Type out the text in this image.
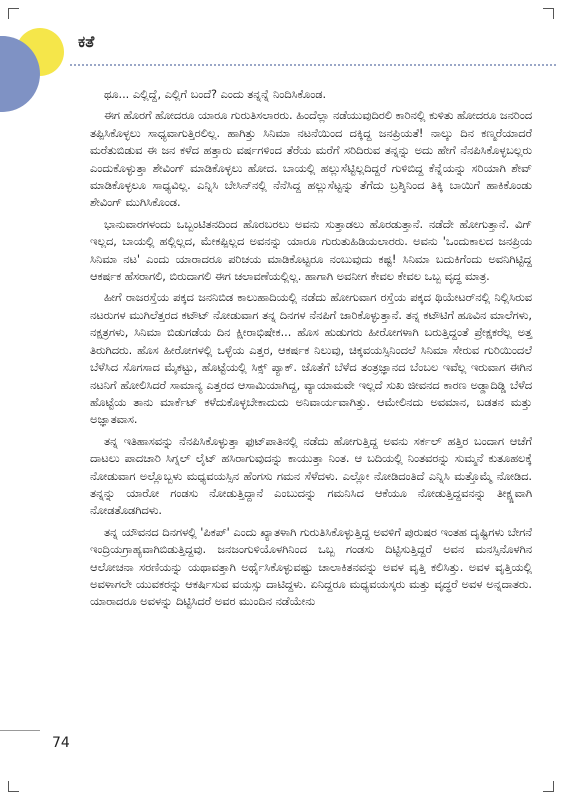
ಕತೆ

ಥೂ... ಎಲ್ಲಿದ್ದೆ, ಎಲ್ಲಿಗೆ ಬಂದೆ? ಎಂದು ತನ್ನನ್ನೆ ನಿಂದಿಸಿಕೊಂಡ.

ಈಗ ಹೊರಗೆ ಹೋದರೂ ಯಾರೂ ಗುರುತಿಸಲಾರರು. ಹಿಂದೆಲ್ಲಾ ನಡೆಯುವುದಿರಲಿ ಕಾರಿನಲ್ಲಿ ಕುಳಿತು ಹೋದರೂ ಜನರಿಂದ ತಪ್ಪಿಸಿಕೊಳ್ಳಲು ಸಾಧ್ಯವಾಗುತ್ತಿರಲಿಲ್ಲ. ಹಾಗಿತ್ತು ಸಿನಿಮಾ ನಟನೆಯಿಂದ ದಕ್ಕಿದ್ದ ಜನಪ್ರಿಯತೆ! ನಾಲ್ಕು ದಿನ ಕಣ್ಮರೆಯಾದರೆ ಮರೆತುಬಿಡುವ ಈ ಜನ ಕಳೆದ ಹತ್ತಾರು ವರ್ಷಗಳಿಂದ ತೆರೆಯ ಮರೆಗೆ ಸರಿದಿರುವ ತನ್ನನ್ನು ಅದು ಹೇಗೆ ನೆನಪಿಸಿಕೊಳ್ಳಬಲ್ಲರು ಎಂದುಕೊಳ್ಳುತ್ತಾ ಶೇವಿಂಗ್ ಮಾಡಿಕೊಳ್ಳಲು ಹೋದ. ಬಾಯಲ್ಲಿ ಹಲ್ಲುಸೆಟ್ಟಿಲ್ಲದಿದ್ದರೆ ಗುಳಿಬಿದ್ದ ಕೆನ್ನೆಯನ್ನು ಸರಿಯಾಗಿ ಶೇವ್ ಮಾಡಿಕೊಳ್ಳಲೂ ಸಾಧ್ಯವಿಲ್ಲ. ಎನ್ನಿಸಿ ಬೇಸಿನ್‌ನಲ್ಲಿ ನೆನೆಸಿದ್ದ ಹಲ್ಲುಸೆಟ್ಟನ್ನು ತೆಗೆದು ಬ್ರಶ್ಶಿನಿಂದ ತಿಕ್ಕಿ ಬಾಯಿಗೆ ಹಾಕಿಕೊಂಡು ಶೇವಿಂಗ್ ಮುಗಿಸಿಕೊಂಡ.

ಭಾನುವಾರಗಳಂದು ಒಬ್ಬಂಟಿತನದಿಂದ ಹೊರಬರಲು ಅವನು ಸುತ್ತಾಡಲು ಹೊರಡುತ್ತಾನೆ. ನಡೆದೇ ಹೋಗುತ್ತಾನೆ. ವಿಗ್ ಇಲ್ಲದ, ಬಾಯಲ್ಲಿ ಹಲ್ಲಿಲ್ಲದ, ಮೇಕಪ್ಪಿಲ್ಲದ ಅವನನ್ನು ಯಾರೂ ಗುರುತುಹಿಡಿಯಲಾರರು. ಅವನು 'ಒಂದುಕಾಲದ ಜನಪ್ರಿಯ ಸಿನಿಮಾ ನಟ' ಎಂದು ಯಾರಾದರೂ ಪರಿಚಯ ಮಾಡಿಕೊಟ್ಟರೂ ನಂಬುವುದು ಕಷ್ಟ! ಸಿನಿಮಾ ಬದುಕಿಗೆಂದು ಅವನಿಗಿಟ್ಟಿದ್ದ ಆಕರ್ಷಕ ಹೆಸರಾಗಲಿ, ಬಿರುದಾಗಲಿ ಈಗ ಚಲಾವಣೆಯಲ್ಲಿಲ್ಲ. ಹಾಗಾಗಿ ಅವನೀಗ ಕೇವಲ ಕೇವಲ ಒಬ್ಬ ವೃದ್ಧ ಮಾತ್ರ.

ಹೀಗೆ ರಾಜರಸ್ತೆಯ ಪಕ್ಕದ ಜನನಿಬಿಡ ಕಾಲುಹಾದಿಯಲ್ಲಿ ನಡೆದು ಹೋಗುವಾಗ ರಸ್ತೆಯ ಪಕ್ಕದ ಥಿಯೇಟರ್‌ನಲ್ಲಿ ನಿಲ್ಲಿಸಿರುವ ನಟರುಗಳ ಮುಗಿಲೆತ್ತರದ ಕಟೌಟ್ ನೋಡುವಾಗ ತನ್ನ ದಿನಗಳ ನೆನಪಿಗೆ ಜಾರಿಕೊಳ್ಳುತ್ತಾನೆ. ತನ್ನ ಕಟೌಟಿಗೆ ಹೂವಿನ ಮಾಲೆಗಳು, ನಕ್ಷತ್ರಗಳು, ಸಿನಿಮಾ ಬಿಡುಗಡೆಯ ದಿನ ಕ್ಷೀರಾಭಿಷೇಕ... ಹೊಸ ಹುಡುಗರು ಹೀರೋಗಳಾಗಿ ಬರುತ್ತಿದ್ದಂತೆ ಪ್ರೇಕ್ಷಕರೆಲ್ಲ ಅತ್ತ ತಿರುಗಿದರು. ಹೊಸ ಹೀರೋಗಳಲ್ಲಿ ಒಳ್ಳೆಯ ಎತ್ತರ, ಆಕರ್ಷಕ ನಿಲುವು, ಚಿಕ್ಕವಯಸ್ಸಿನಿಂದಲೆ ಸಿನಿಮಾ ಸೇರುವ ಗುರಿಯಿಂದಲೆ ಬೆಳೆಸಿದ ಸೊಗಸಾದ ಮೈಕಟ್ಟು, ಹೊಟ್ಟೆಯಲ್ಲಿ ಸಿಕ್ಸ್ ಪ್ಯಾಕ್. ಜೊತೆಗೆ ಬೆಳೆದ ತಂತ್ರಜ್ಞಾನದ ಬೆಂಬಲ ಇವೆಲ್ಲ ಇರುವಾಗ ಈಗಿನ ನಟನಿಗೆ ಹೋಲಿಸಿದರೆ ಸಾಮಾನ್ಯ ಎತ್ತರದ ಆಸಾಮಿಯಾಗಿದ್ದ, ವ್ಯಾಯಾಮವೇ ಇಲ್ಲದೆ ಸುಖ ಜೀವನದ ಕಾರಣ ಅಡ್ಡಾದಿಡ್ಡಿ ಬೆಳೆದ ಹೊಟ್ಟೆಯ ತಾನು ಮಾರ್ಕೆಟ್ ಕಳೆದುಕೊಳ್ಳಬೇಕಾದುದು ಅನಿವಾರ್ಯವಾಗಿತ್ತು. ಆಮೇಲಿನದು ಅವಮಾನ, ಬಡತನ ಮತ್ತು ಅಜ್ಞಾತವಾಸ.

ತನ್ನ ಇತಿಹಾಸವನ್ನು ನೆನಪಿಸಿಕೊಳ್ಳುತ್ತಾ ಫುಟ್‌ಪಾತಿನಲ್ಲಿ ನಡೆದು ಹೋಗುತ್ತಿದ್ದ ಅವನು ಸರ್ಕಲ್ ಹತ್ತಿರ ಬಂದಾಗ ಆಚೆಗೆ ದಾಟಲು ಪಾದಚಾರಿ ಸಿಗ್ನಲ್ ಲೈಟ್ ಹಸಿರಾಗುವುದನ್ನು ಕಾಯುತ್ತಾ ನಿಂತ. ಆ ಬದಿಯಲ್ಲಿ ನಿಂತವರನ್ನು ಸುಮ್ಮನೆ ಕುತೂಹಲಕ್ಕೆ ನೋಡುವಾಗ ಅಲ್ಲೊಬ್ಬಳು ಮಧ್ಯವಯಸ್ಸಿನ ಹೆಂಗಸು ಗಮನ ಸೆಳೆದಳು. ಎಲ್ಲೋ ನೋಡಿದಂತಿದೆ ಎನ್ನಿಸಿ ಮತ್ತೊಮ್ಮೆ ನೋಡಿದ. ತನ್ನನ್ನು ಯಾರೋ ಗಂಡಸು ನೋಡುತ್ತಿದ್ದಾನೆ ಎಂಬುದನ್ನು ಗಮನಿಸಿದ ಆಕೆಯೂ ನೋಡುತ್ತಿದ್ದವನನ್ನು ತೀಕ್ಷ್ಣವಾಗಿ ನೋಡತೊಡಗಿದಳು.

ತನ್ನ ಯೌವನದ ದಿನಗಳಲ್ಲಿ 'ಪಿಕಪ್' ಎಂದು ಖ್ಯಾತಳಾಗಿ ಗುರುತಿಸಿಕೊಳ್ಳುತ್ತಿದ್ದ ಅವಳಿಗೆ ಪುರುಷರ ಇಂತಹ ದೃಷ್ಟಿಗಳು ಬೇಗನೆ ಇಂದ್ರಿಯಗ್ರಾಹ್ಯವಾಗಿಬಿಡುತ್ತಿದ್ದವು. ಜನಜಂಗುಳಿಯೊಳಗಿನಿಂದ ಒಬ್ಬ ಗಂಡಸು ದಿಟ್ಟಿಸುತ್ತಿದ್ದರೆ ಅವನ ಮನಸ್ಸಿನೊಳಗಿನ ಆಲೋಚನಾ ಸರಣಿಯನ್ನು ಯಥಾವತ್ತಾಗಿ ಅರ್ಥೈಸಿಕೊಳ್ಳುವಷ್ಟು ಚಾಲಾಕಿತನವನ್ನು ಅವಳ ವೃತ್ತಿ ಕಲಿಸಿತ್ತು. ಅವಳ ವೃತ್ತಿಯಲ್ಲಿ ಅವಳಾಗಲೇ ಯುವಕರನ್ನು ಆಕರ್ಷಿಸುವ ವಯಸ್ಸು ದಾಟಿದ್ದಳು. ಏನಿದ್ದರೂ ಮಧ್ಯವಯಸ್ಕರು ಮತ್ತು ವೃದ್ಧರೆ ಅವಳ ಅನ್ನದಾತರು. ಯಾರಾದರೂ ಅವಳನ್ನು ದಿಟ್ಟಿಸಿದರೆ ಅವರ ಮುಂದಿನ ನಡೆಯೇನು

74
